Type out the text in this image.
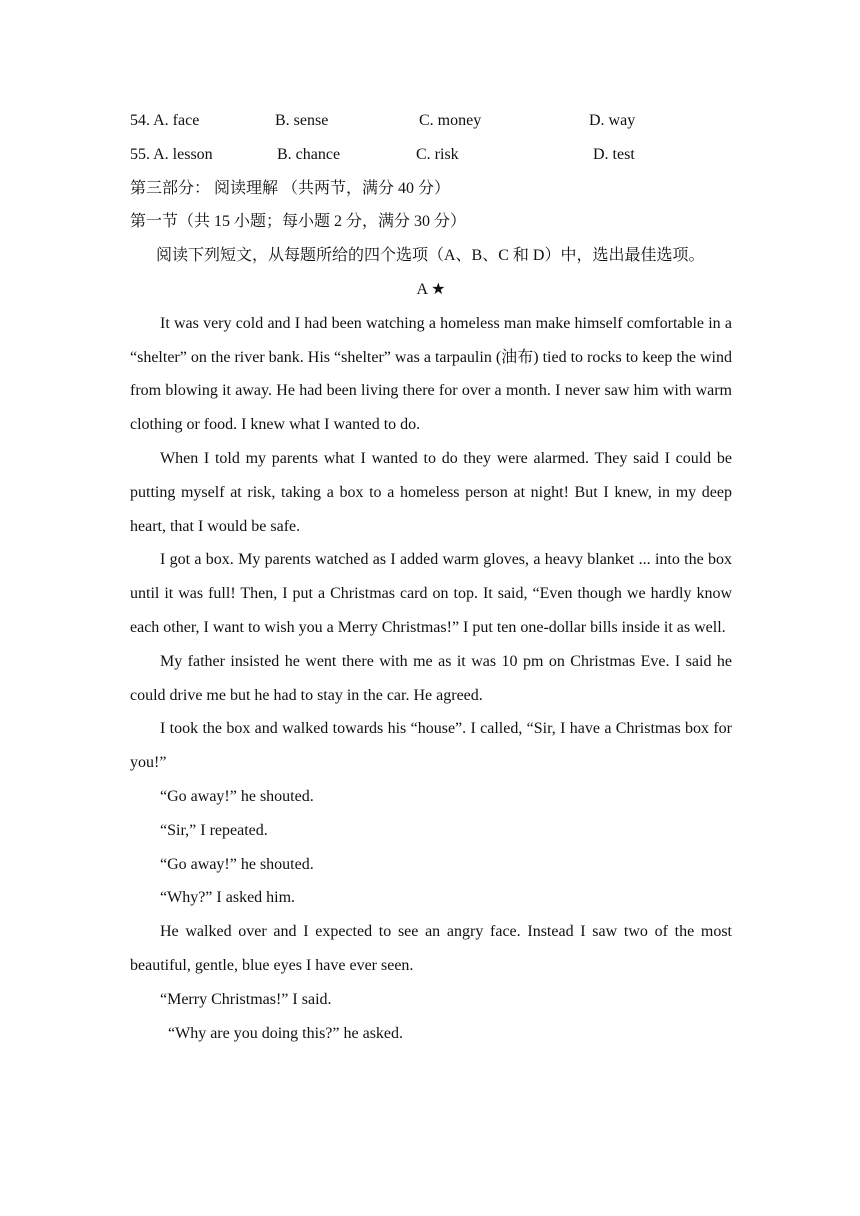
54. A. face	B. sense	C. money	D. way
55. A. lesson	B. chance	C. risk	D. test
第三部分： 阅读理解 （共两节，满分 40 分）
第一节（共 15 小题；每小题 2 分，满分 30 分）
阅读下列短文，从每题所给的四个选项（A、B、C 和 D）中，选出最佳选项。
A ★

It was very cold and I had been watching a homeless man make himself comfortable in a “shelter” on the river bank. His “shelter” was a tarpaulin (油布) tied to rocks to keep the wind from blowing it away. He had been living there for over a month. I never saw him with warm clothing or food. I knew what I wanted to do.

When I told my parents what I wanted to do they were alarmed. They said I could be putting myself at risk, taking a box to a homeless person at night! But I knew, in my deep heart, that I would be safe.

I got a box. My parents watched as I added warm gloves, a heavy blanket ... into the box until it was full! Then, I put a Christmas card on top. It said, “Even though we hardly know each other, I want to wish you a Merry Christmas!” I put ten one-dollar bills inside it as well.

My father insisted he went there with me as it was 10 pm on Christmas Eve. I said he could drive me but he had to stay in the car. He agreed.

I took the box and walked towards his “house”. I called, “Sir, I have a Christmas box for you!”

“Go away!” he shouted.
“Sir,” I repeated.
“Go away!” he shouted.
“Why?” I asked him.

He walked over and I expected to see an angry face. Instead I saw two of the most beautiful, gentle, blue eyes I have ever seen.

“Merry Christmas!” I said.
“Why are you doing this?” he asked.
